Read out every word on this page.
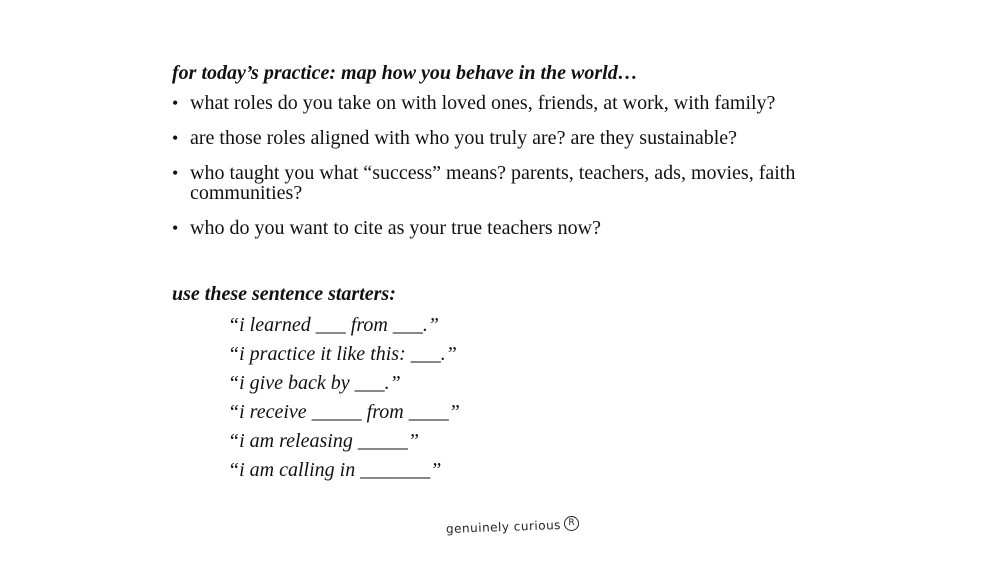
for today’s practice: map how you behave in the world…

• what roles do you take on with loved ones, friends, at work, with family?
• are those roles aligned with who you truly are? are they sustainable?
• who taught you what “success” means? parents, teachers, ads, movies, faith communities?
• who do you want to cite as your true teachers now?

use these sentence starters:

“i learned ___ from ___.”
“i practice it like this: ___.”
“i give back by ___.”
“i receive _____ from ____”
“i am releasing _____”
“i am calling in _______”
genuinely curious R
